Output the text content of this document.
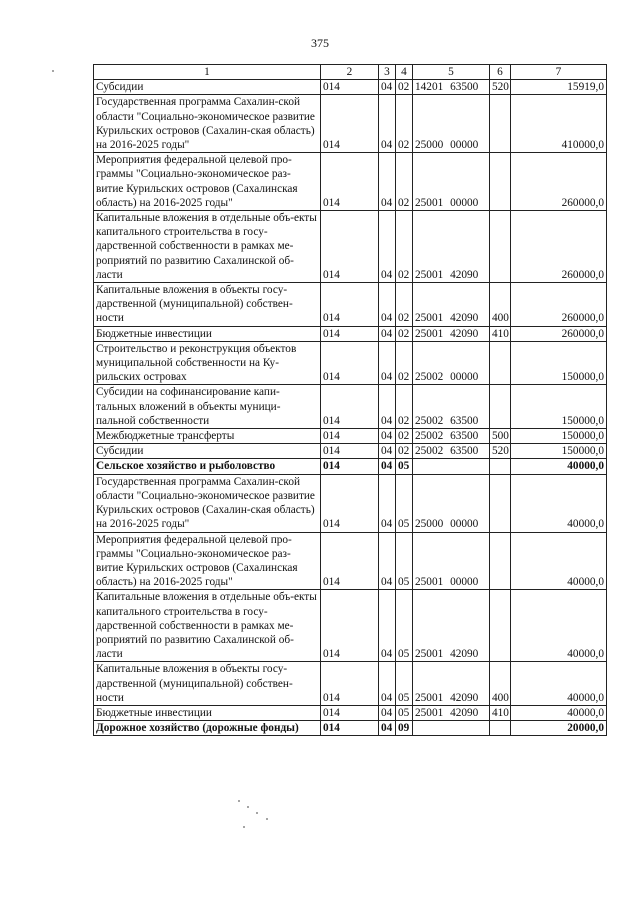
375
1	2	3	4	5	6	7
Субсидии	014	04	02	14201 63500	520	15919,0
Государственная программа Сахалин-ской области "Социально-экономическое развитие Курильских островов (Сахалин-ская область) на 2016-2025 годы"	014	04	02	25000 00000		410000,0
Мероприятия федеральной целевой про-граммы "Социально-экономическое раз-витие Курильских островов (Сахалинская область) на 2016-2025 годы"	014	04	02	25001 00000		260000,0
Капитальные вложения в отдельные объ-екты капитального строительства в госу-дарственной собственности в рамках ме-роприятий по развитию Сахалинской об-ласти	014	04	02	25001 42090		260000,0
Капитальные вложения в объекты госу-дарственной (муниципальной) собствен-ности	014	04	02	25001 42090	400	260000,0
Бюджетные инвестиции	014	04	02	25001 42090	410	260000,0
Строительство и реконструкция объектов муниципальной собственности на Ку-рильских островах	014	04	02	25002 00000		150000,0
Субсидии на софинансирование капи-тальных вложений в объекты муници-пальной собственности	014	04	02	25002 63500		150000,0
Межбюджетные трансферты	014	04	02	25002 63500	500	150000,0
Субсидии	014	04	02	25002 63500	520	150000,0
Сельское хозяйство и рыболовство	014	04	05			40000,0
Государственная программа Сахалин-ской области "Социально-экономическое развитие Курильских островов (Сахалин-ская область) на 2016-2025 годы"	014	04	05	25000 00000		40000,0
Мероприятия федеральной целевой про-граммы "Социально-экономическое раз-витие Курильских островов (Сахалинская область) на 2016-2025 годы"	014	04	05	25001 00000		40000,0
Капитальные вложения в отдельные объ-екты капитального строительства в госу-дарственной собственности в рамках ме-роприятий по развитию Сахалинской об-ласти	014	04	05	25001 42090		40000,0
Капитальные вложения в объекты госу-дарственной (муниципальной) собствен-ности	014	04	05	25001 42090	400	40000,0
Бюджетные инвестиции	014	04	05	25001 42090	410	40000,0
Дорожное хозяйство (дорожные фонды)	014	04	09			20000,0
